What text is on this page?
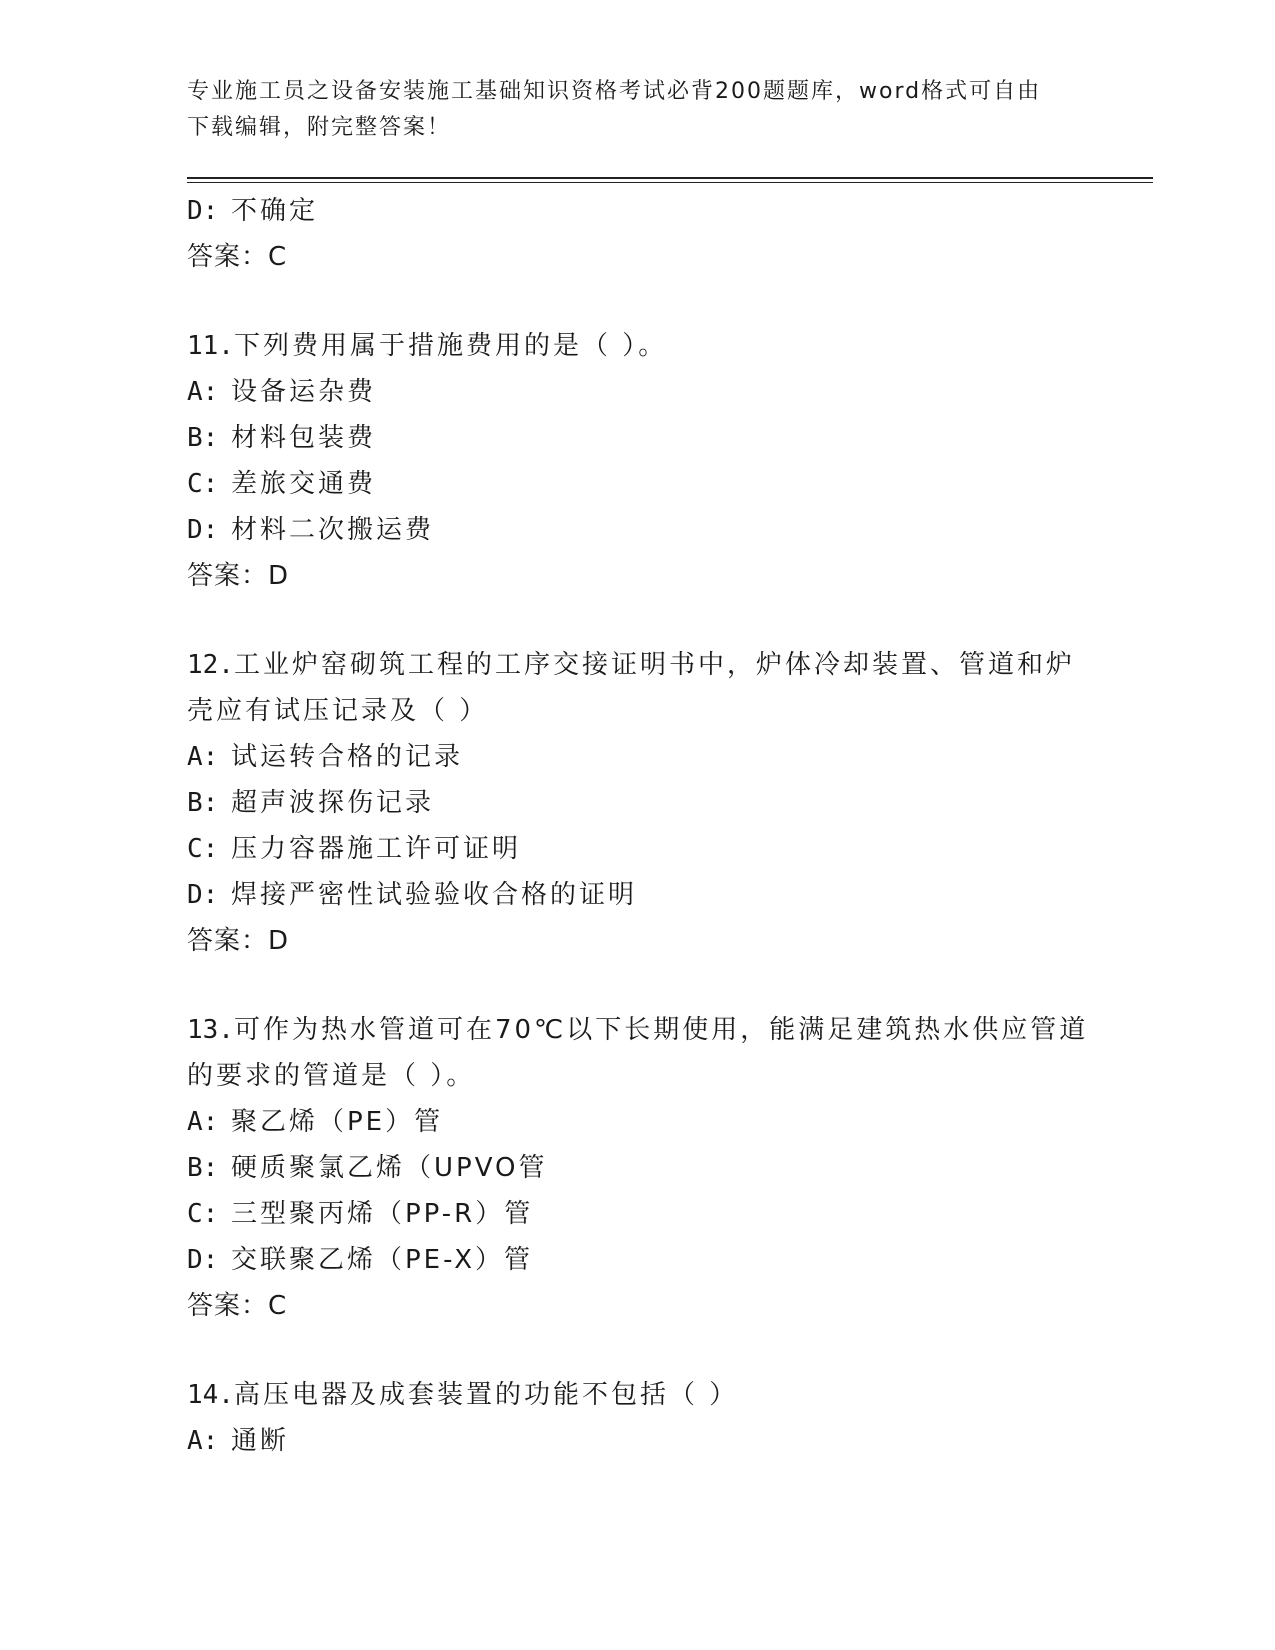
专业施工员之设备安装施工基础知识资格考试必背200题题库，word格式可自由
下载编辑，附完整答案！
D: 不确定
答案：C
11.下列费用属于措施费用的是（ ）。
A: 设备运杂费
B: 材料包装费
C: 差旅交通费
D: 材料二次搬运费
答案：D
12.工业炉窑砌筑工程的工序交接证明书中，炉体冷却装置、管道和炉
壳应有试压记录及（ ）
A: 试运转合格的记录
B: 超声波探伤记录
C: 压力容器施工许可证明
D: 焊接严密性试验验收合格的证明
答案：D
13.可作为热水管道可在70℃以下长期使用，能满足建筑热水供应管道
的要求的管道是（ ）。
A: 聚乙烯（PE）管
B: 硬质聚氯乙烯（UPVO管
C: 三型聚丙烯（PP-R）管
D: 交联聚乙烯（PE-X）管
答案：C
14.高压电器及成套装置的功能不包括（ ）
A: 通断
